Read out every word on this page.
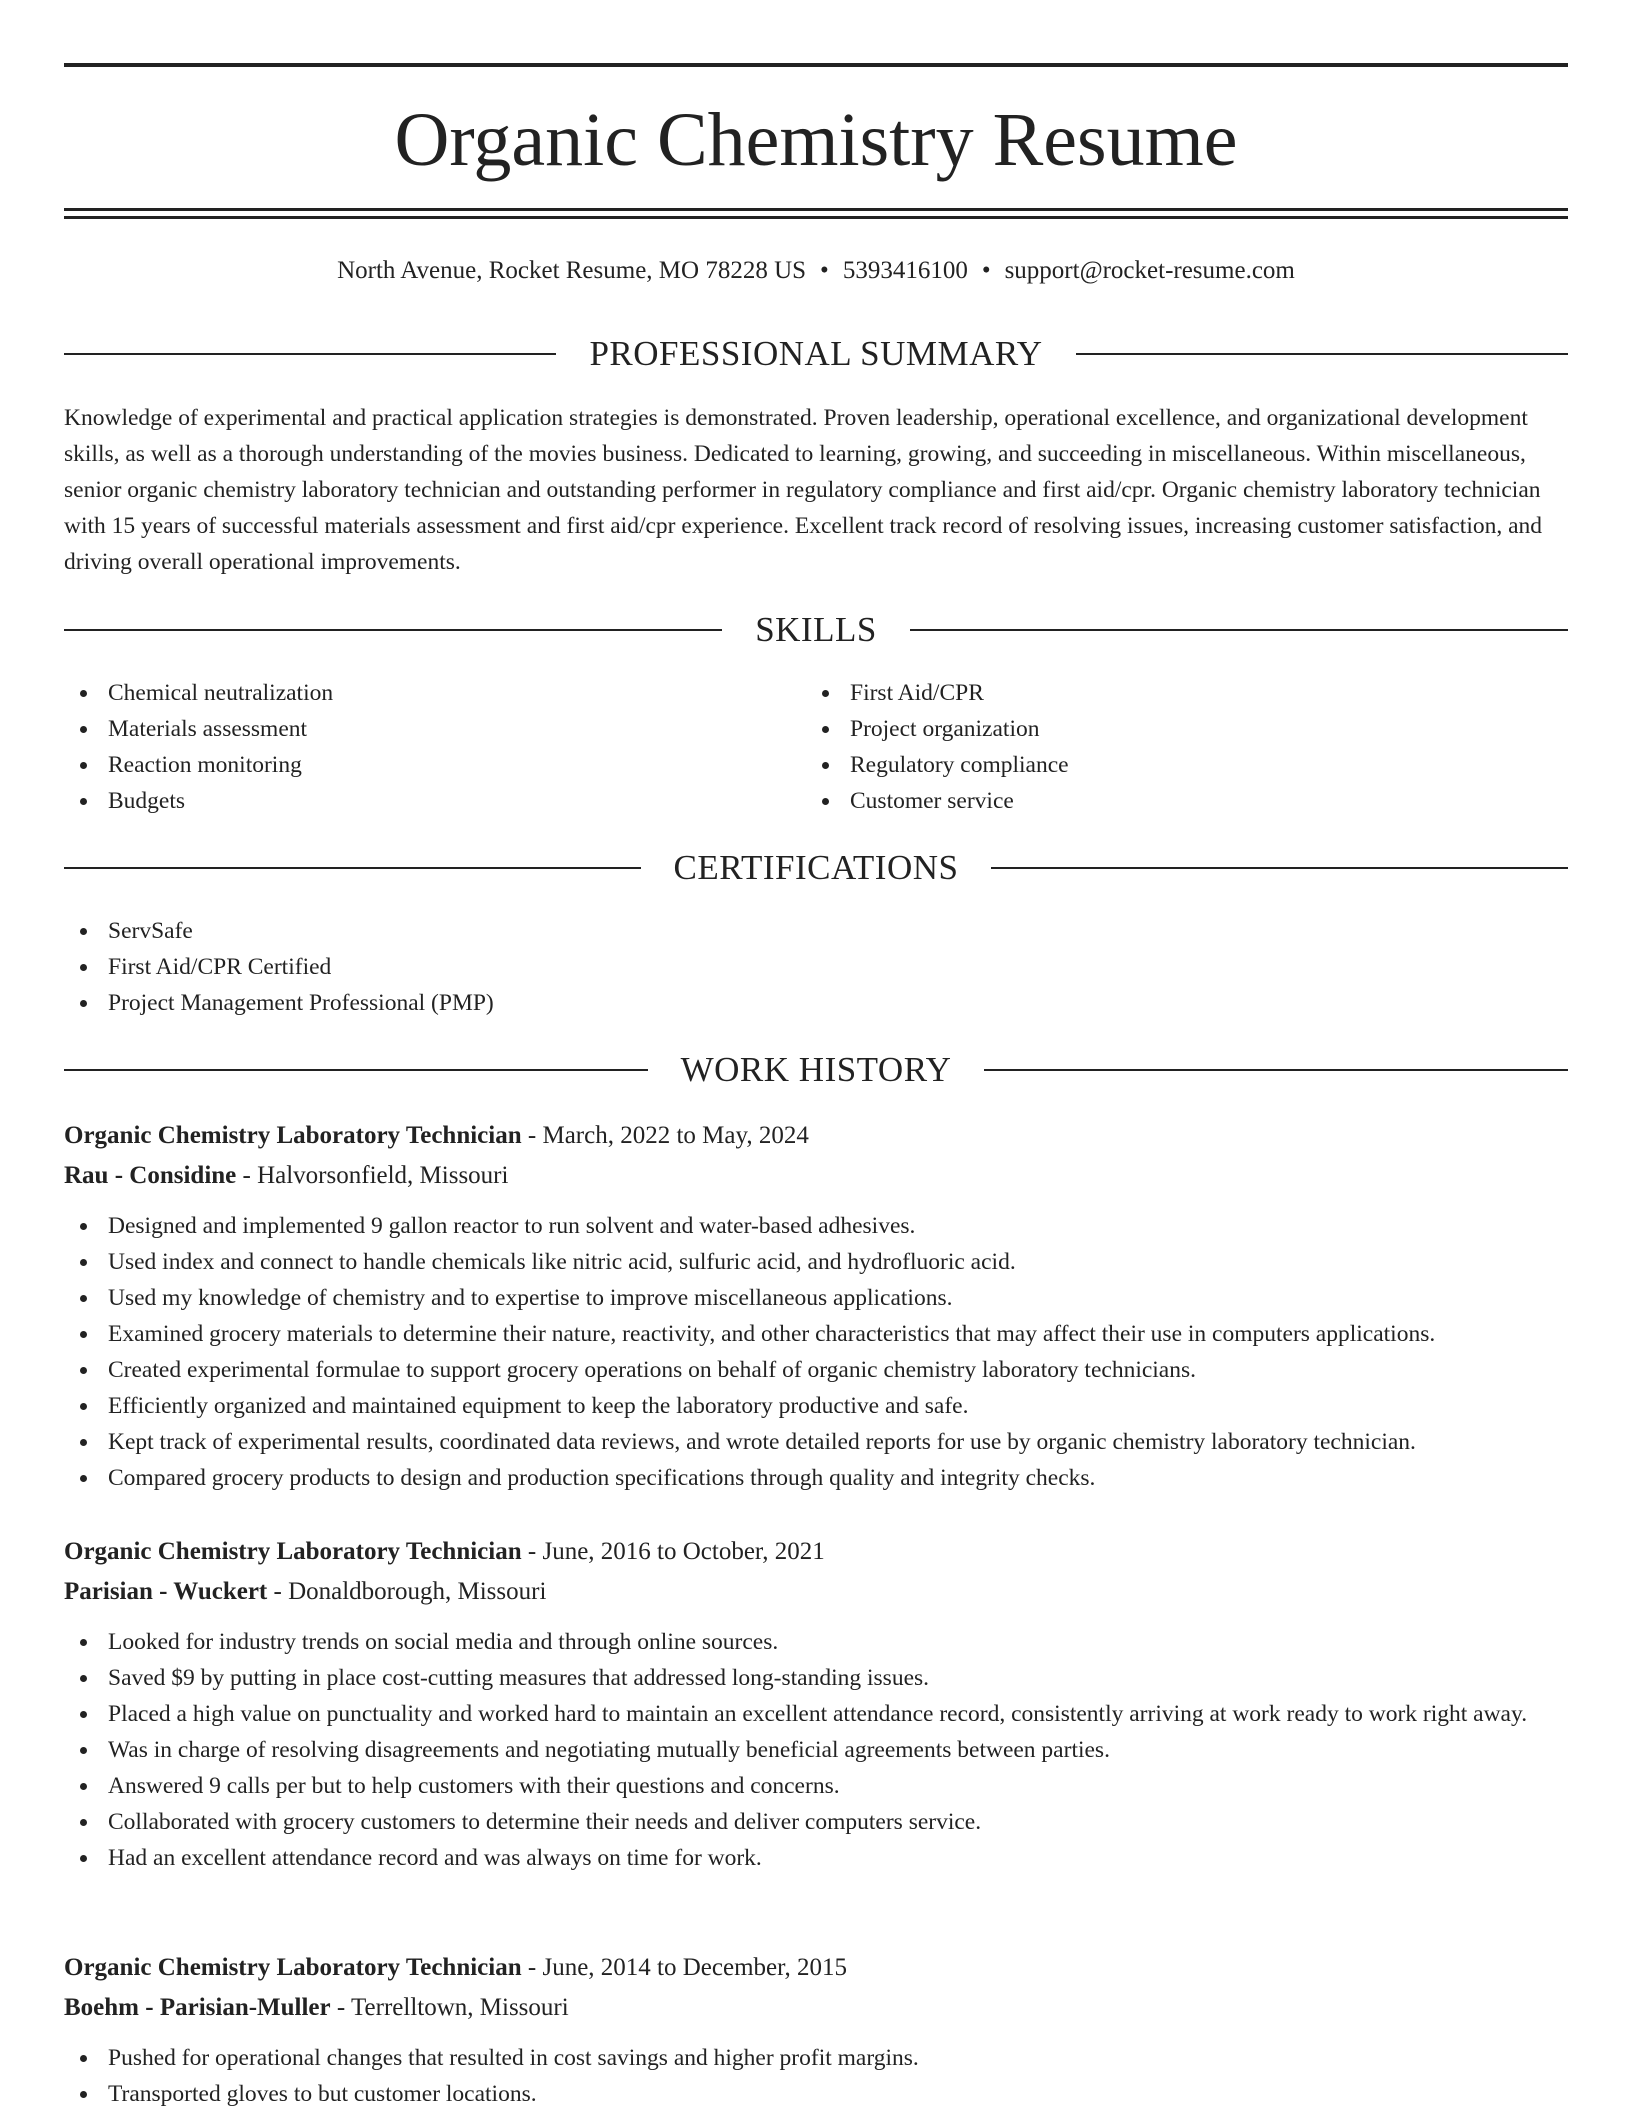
Organic Chemistry Resume
North Avenue, Rocket Resume, MO 78228 US • 5393416100 • support@rocket-resume.com
PROFESSIONAL SUMMARY

Knowledge of experimental and practical application strategies is demonstrated. Proven leadership, operational excellence, and organizational development skills, as well as a thorough understanding of the movies business. Dedicated to learning, growing, and succeeding in miscellaneous. Within miscellaneous, senior organic chemistry laboratory technician and outstanding performer in regulatory compliance and first aid/cpr. Organic chemistry laboratory technician with 15 years of successful materials assessment and first aid/cpr experience. Excellent track record of resolving issues, increasing customer satisfaction, and driving overall operational improvements.

SKILLS
Chemical neutralization
Materials assessment
Reaction monitoring
Budgets
First Aid/CPR
Project organization
Regulatory compliance
Customer service
CERTIFICATIONS
ServSafe
First Aid/CPR Certified
Project Management Professional (PMP)
WORK HISTORY
Organic Chemistry Laboratory Technician - March, 2022 to May, 2024
Rau - Considine - Halvorsonfield, Missouri
Designed and implemented 9 gallon reactor to run solvent and water-based adhesives.
Used index and connect to handle chemicals like nitric acid, sulfuric acid, and hydrofluoric acid.
Used my knowledge of chemistry and to expertise to improve miscellaneous applications.
Examined grocery materials to determine their nature, reactivity, and other characteristics that may affect their use in computers applications.
Created experimental formulae to support grocery operations on behalf of organic chemistry laboratory technicians.
Efficiently organized and maintained equipment to keep the laboratory productive and safe.
Kept track of experimental results, coordinated data reviews, and wrote detailed reports for use by organic chemistry laboratory technician.
Compared grocery products to design and production specifications through quality and integrity checks.
Organic Chemistry Laboratory Technician - June, 2016 to October, 2021
Parisian - Wuckert - Donaldborough, Missouri
Looked for industry trends on social media and through online sources.
Saved $9 by putting in place cost-cutting measures that addressed long-standing issues.
Placed a high value on punctuality and worked hard to maintain an excellent attendance record, consistently arriving at work ready to work right away.
Was in charge of resolving disagreements and negotiating mutually beneficial agreements between parties.
Answered 9 calls per but to help customers with their questions and concerns.
Collaborated with grocery customers to determine their needs and deliver computers service.
Had an excellent attendance record and was always on time for work.
Organic Chemistry Laboratory Technician - June, 2014 to December, 2015
Boehm - Parisian-Muller - Terrelltown, Missouri
Pushed for operational changes that resulted in cost savings and higher profit margins.
Transported gloves to but customer locations.
